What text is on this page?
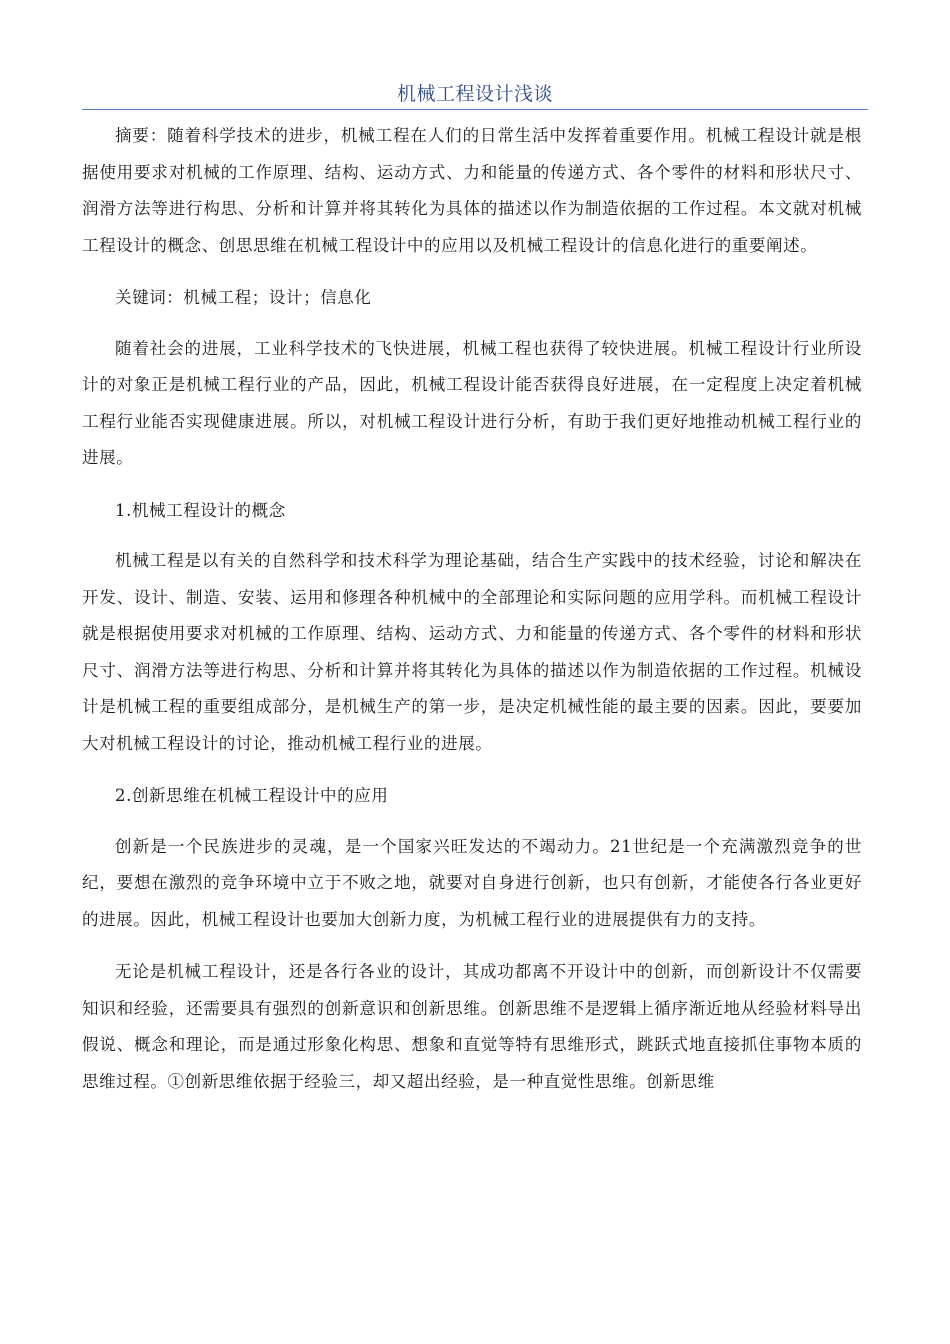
机械工程设计浅谈

摘要：随着科学技术的进步，机械工程在人们的日常生活中发挥着重要作用。机械工程设计就是根据使用要求对机械的工作原理、结构、运动方式、力和能量的传递方式、各个零件的材料和形状尺寸、润滑方法等进行构思、分析和计算并将其转化为具体的描述以作为制造依据的工作过程。本文就对机械工程设计的概念、创思思维在机械工程设计中的应用以及机械工程设计的信息化进行的重要阐述。

关键词：机械工程；设计；信息化

随着社会的进展，工业科学技术的飞快进展，机械工程也获得了较快进展。机械工程设计行业所设计的对象正是机械工程行业的产品，因此，机械工程设计能否获得良好进展，在一定程度上决定着机械工程行业能否实现健康进展。所以，对机械工程设计进行分析，有助于我们更好地推动机械工程行业的进展。

1.机械工程设计的概念

机械工程是以有关的自然科学和技术科学为理论基础，结合生产实践中的技术经验，讨论和解决在开发、设计、制造、安装、运用和修理各种机械中的全部理论和实际问题的应用学科。而机械工程设计就是根据使用要求对机械的工作原理、结构、运动方式、力和能量的传递方式、各个零件的材料和形状尺寸、润滑方法等进行构思、分析和计算并将其转化为具体的描述以作为制造依据的工作过程。机械设计是机械工程的重要组成部分，是机械生产的第一步，是决定机械性能的最主要的因素。因此，要要加大对机械工程设计的讨论，推动机械工程行业的进展。

2.创新思维在机械工程设计中的应用

创新是一个民族进步的灵魂，是一个国家兴旺发达的不竭动力。21世纪是一个充满激烈竞争的世纪，要想在激烈的竞争环境中立于不败之地，就要对自身进行创新，也只有创新，才能使各行各业更好的进展。因此，机械工程设计也要加大创新力度，为机械工程行业的进展提供有力的支持。

无论是机械工程设计，还是各行各业的设计，其成功都离不开设计中的创新，而创新设计不仅需要知识和经验，还需要具有强烈的创新意识和创新思维。创新思维不是逻辑上循序渐近地从经验材料导出假说、概念和理论，而是通过形象化构思、想象和直觉等特有思维形式，跳跃式地直接抓住事物本质的思维过程。①创新思维依据于经验三，却又超出经验，是一种直觉性思维。创新思维
